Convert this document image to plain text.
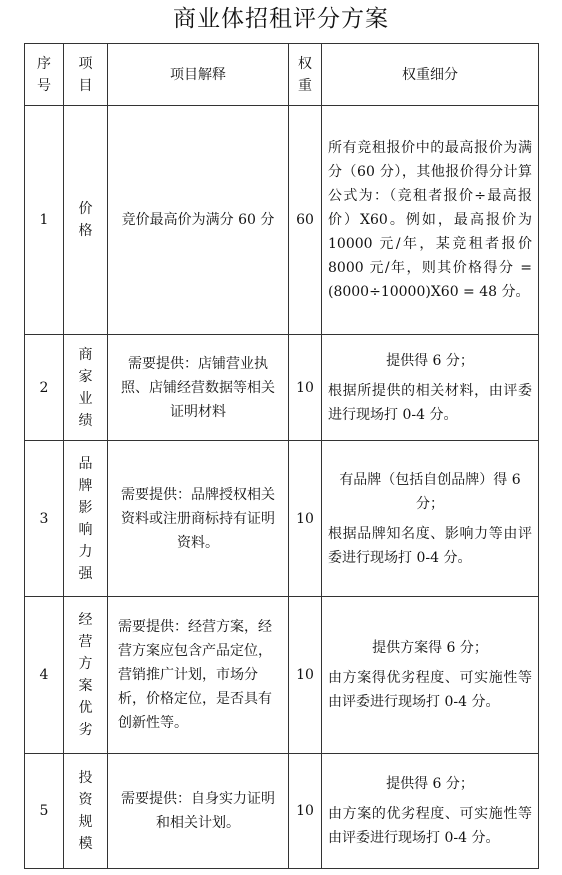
商业体招租评分方案
序号	项目	项目解释	权重	权重细分
1	价格	竞价最高价为满分 60 分	60	所有竞租报价中的最高报价为满分（60 分），其他报价得分计算公式为：（竞租者报价÷最高报价）X60。例如，最高报价为 10000 元/年，某竞租者报价 8000 元/年，则其价格得分 =(8000÷10000)X60 = 48 分。

2	商家业绩	需要提供：店铺营业执照、店铺经营数据等相关证明材料	10	提供得 6 分；

根据所提供的相关材料，由评委进行现场打 0-4 分。

3	品牌影响力强	需要提供：品牌授权相关资料或注册商标持有证明资料。	10	有品牌（包括自创品牌）得 6 分；

根据品牌知名度、影响力等由评委进行现场打 0-4 分。

4	经营方案优劣	需要提供：经营方案，经营方案应包含产品定位，营销推广计划，市场分析，价格定位，是否具有创新性等。	10	提供方案得 6 分；

由方案得优劣程度、可实施性等由评委进行现场打 0-4 分。

5	投资规模	需要提供：自身实力证明和相关计划。	10	提供得 6 分；

由方案的优劣程度、可实施性等由评委进行现场打 0-4 分。
